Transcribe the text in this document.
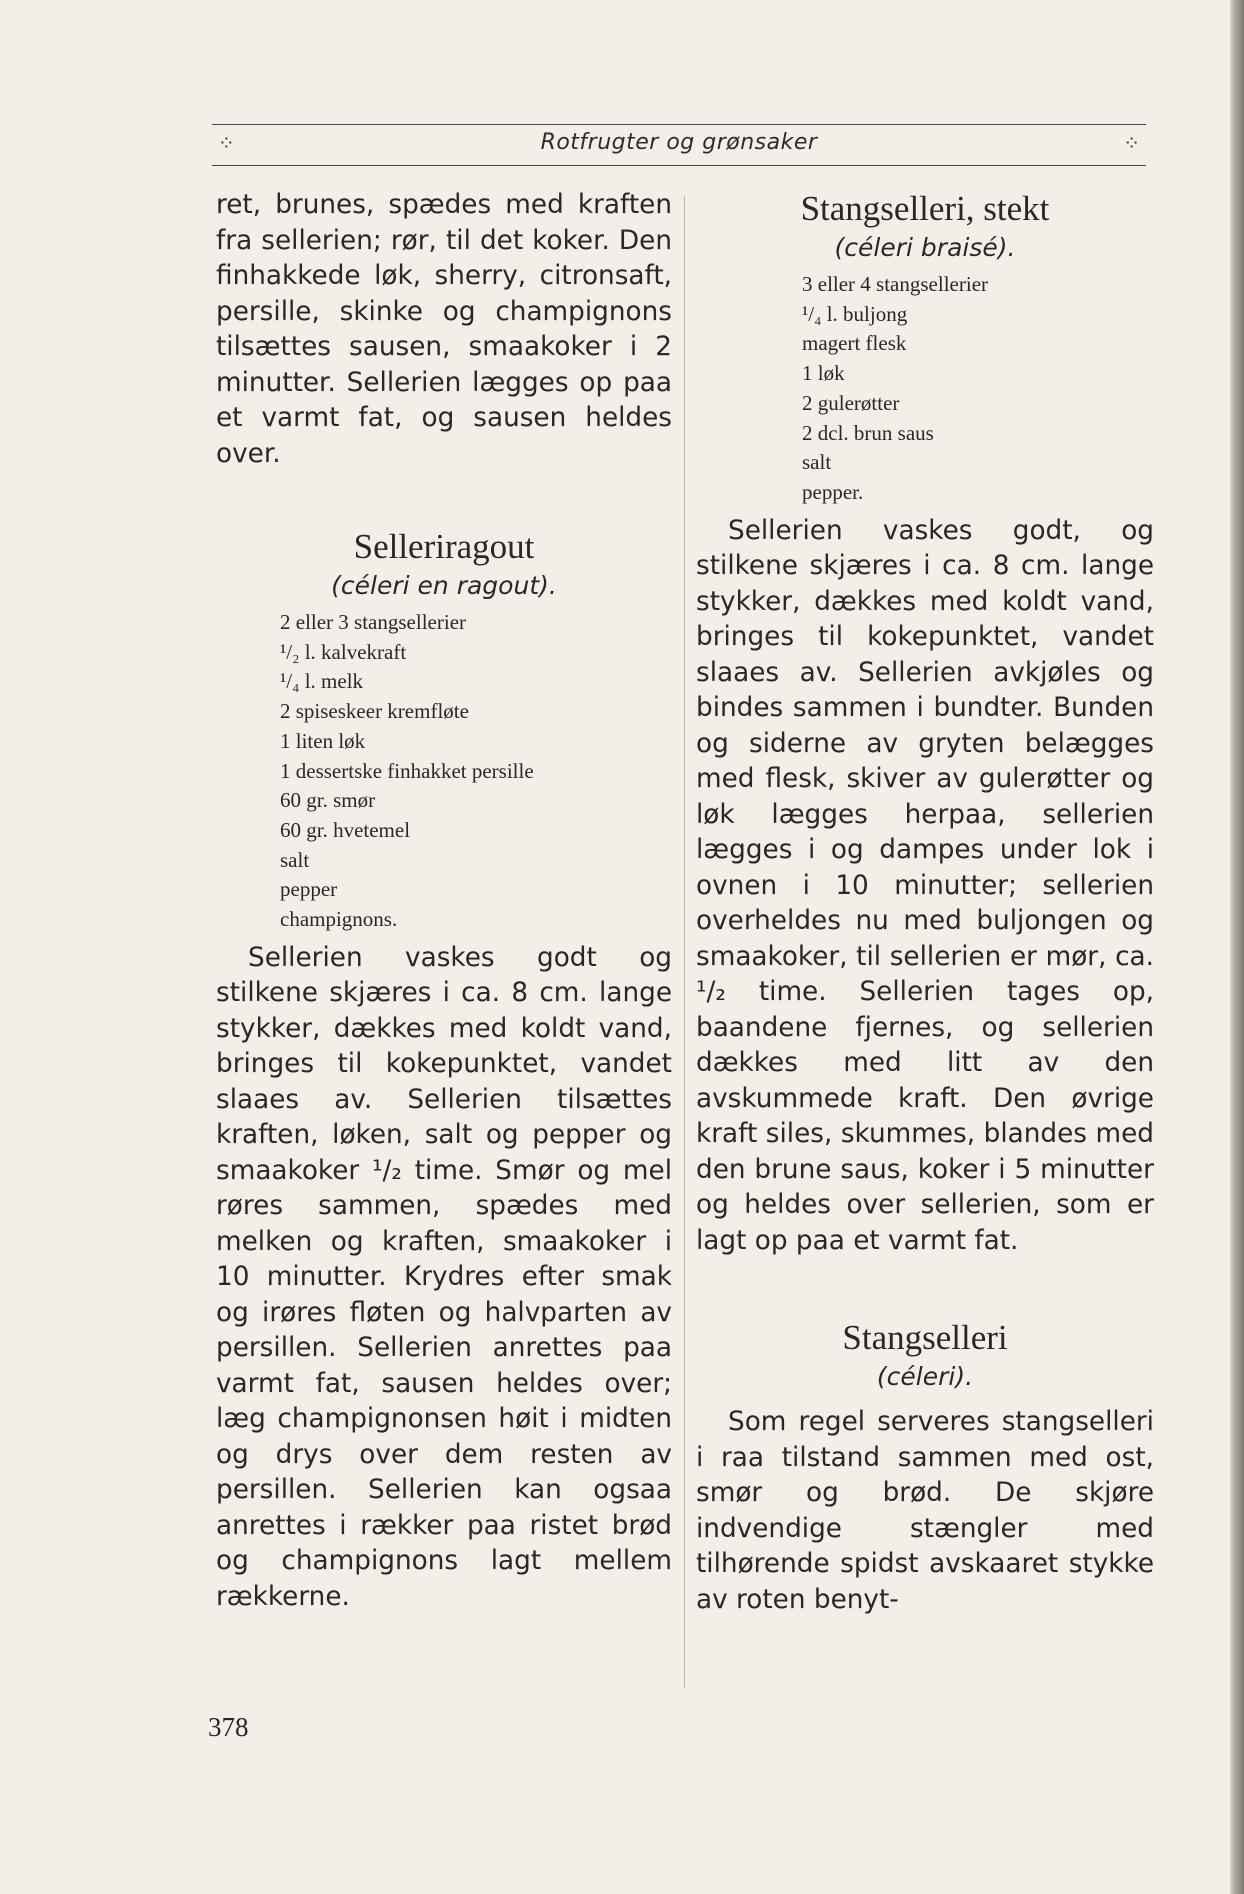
⁘	Rotfrugter og grønsaker	⁘

ret, brunes, spædes med kraften fra sellerien; rør, til det koker. Den finhakkede løk, sherry, citronsaft, persille, skinke og champignons tilsættes sausen, smaakoker i 2 minutter. Sellerien lægges op paa et varmt fat, og sausen heldes over.

Selleriragout
(céleri en ragout).
2 eller 3 stangsellerier
¹/₂ l. kalvekraft
¹/₄ l. melk
2 spiseskeer kremfløte
1 liten løk
1 dessertske finhakket persille
60 gr. smør
60 gr. hvetemel
salt
pepper
champignons.

Sellerien vaskes godt og stilkene skjæres i ca. 8 cm. lange stykker, dækkes med koldt vand, bringes til kokepunktet, vandet slaaes av. Sellerien tilsættes kraften, løken, salt og pepper og smaakoker ¹/₂ time. Smør og mel røres sammen, spædes med melken og kraften, smaakoker i 10 minutter. Krydres efter smak og irøres fløten og halvparten av persillen. Sellerien anrettes paa varmt fat, sausen heldes over; læg champignonsen høit i midten og drys over dem resten av persillen. Sellerien kan ogsaa anrettes i rækker paa ristet brød og champignons lagt mellem rækkerne.

Stangselleri, stekt
(céleri braisé).
3 eller 4 stangsellerier
¹/₄ l. buljong
magert flesk
1 løk
2 gulerøtter
2 dcl. brun saus
salt
pepper.

Sellerien vaskes godt, og stilkene skjæres i ca. 8 cm. lange stykker, dækkes med koldt vand, bringes til kokepunktet, vandet slaaes av. Sellerien avkjøles og bindes sammen i bundter. Bunden og siderne av gryten belægges med flesk, skiver av gulerøtter og løk lægges herpaa, sellerien lægges i og dampes under lok i ovnen i 10 minutter; sellerien overheldes nu med buljongen og smaakoker, til sellerien er mør, ca. ¹/₂ time. Sellerien tages op, baandene fjernes, og sellerien dækkes med litt av den avskummede kraft. Den øvrige kraft siles, skummes, blandes med den brune saus, koker i 5 minutter og heldes over sellerien, som er lagt op paa et varmt fat.

Stangselleri
(céleri).

Som regel serveres stangselleri i raa tilstand sammen med ost, smør og brød. De skjøre indvendige stængler med tilhørende spidst avskaaret stykke av roten benyt-

378
